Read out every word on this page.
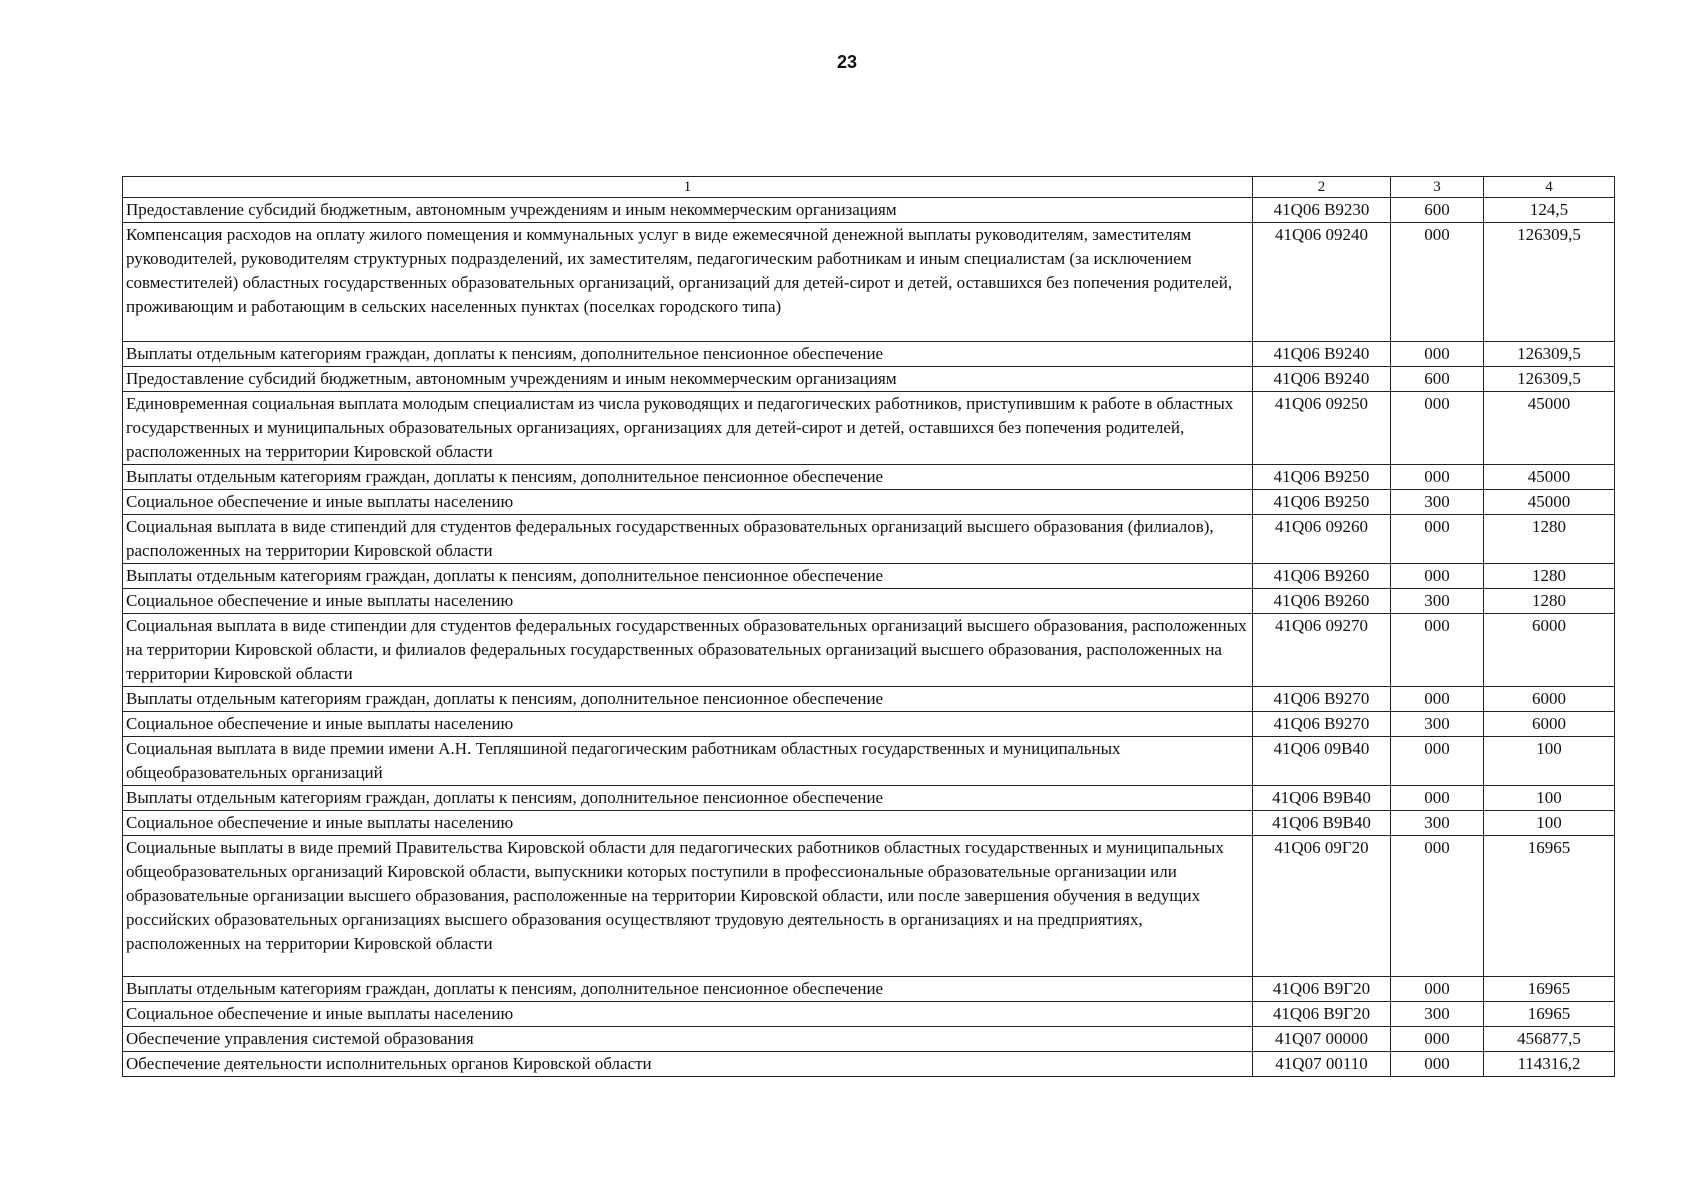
23
1	2	3	4
Предоставление субсидий бюджетным, автономным учреждениям и иным некоммерческим организациям	41Q06 B9230	600	124,5
Компенсация расходов на оплату жилого помещения и коммунальных услуг в виде ежемесячной денежной выплаты руководителям, заместителям руководителей, руководителям структурных подразделений, их заместителям, педагогическим работникам и иным специалистам (за исключением совместителей) областных государственных образовательных организаций, организаций для детей-сирот и детей, оставшихся без попечения родителей, проживающим и работающим в сельских населенных пунктах (поселках городского типа)	41Q06 09240	000	126309,5
Выплаты отдельным категориям граждан, доплаты к пенсиям, дополнительное пенсионное обеспечение	41Q06 B9240	000	126309,5
Предоставление субсидий бюджетным, автономным учреждениям и иным некоммерческим организациям	41Q06 B9240	600	126309,5
Единовременная социальная выплата молодым специалистам из числа руководящих и педагогических работников, приступившим к работе в областных государственных и муниципальных образовательных организациях, организациях для детей-сирот и детей, оставшихся без попечения родителей, расположенных на территории Кировской области	41Q06 09250	000	45000
Выплаты отдельным категориям граждан, доплаты к пенсиям, дополнительное пенсионное обеспечение	41Q06 B9250	000	45000
Социальное обеспечение и иные выплаты населению	41Q06 B9250	300	45000
Социальная выплата в виде стипендий для студентов федеральных государственных образовательных организаций высшего образования (филиалов), расположенных на территории Кировской области	41Q06 09260	000	1280
Выплаты отдельным категориям граждан, доплаты к пенсиям, дополнительное пенсионное обеспечение	41Q06 B9260	000	1280
Социальное обеспечение и иные выплаты населению	41Q06 B9260	300	1280
Социальная выплата в виде стипендии для студентов федеральных государственных образовательных организаций высшего образования, расположенных на территории Кировской области, и филиалов федеральных государственных образовательных организаций высшего образования, расположенных на территории Кировской области	41Q06 09270	000	6000
Выплаты отдельным категориям граждан, доплаты к пенсиям, дополнительное пенсионное обеспечение	41Q06 B9270	000	6000
Социальное обеспечение и иные выплаты населению	41Q06 B9270	300	6000
Социальная выплата в виде премии имени А.Н. Тепляшиной педагогическим работникам областных государственных и муниципальных общеобразовательных организаций	41Q06 09B40	000	100
Выплаты отдельным категориям граждан, доплаты к пенсиям, дополнительное пенсионное обеспечение	41Q06 B9B40	000	100
Социальное обеспечение и иные выплаты населению	41Q06 B9B40	300	100
Социальные выплаты в виде премий Правительства Кировской области для педагогических работников областных государственных и муниципальных общеобразовательных организаций Кировской области, выпускники которых поступили в профессиональные образовательные организации или образовательные организации высшего образования, расположенные на территории Кировской области, или после завершения обучения в ведущих российских образовательных организациях высшего образования осуществляют трудовую деятельность в организациях и на предприятиях, расположенных на территории Кировской области	41Q06 09Г20	000	16965
Выплаты отдельным категориям граждан, доплаты к пенсиям, дополнительное пенсионное обеспечение	41Q06 B9Г20	000	16965
Социальное обеспечение и иные выплаты населению	41Q06 B9Г20	300	16965
Обеспечение управления системой образования	41Q07 00000	000	456877,5
Обеспечение деятельности исполнительных органов Кировской области	41Q07 00110	000	114316,2
